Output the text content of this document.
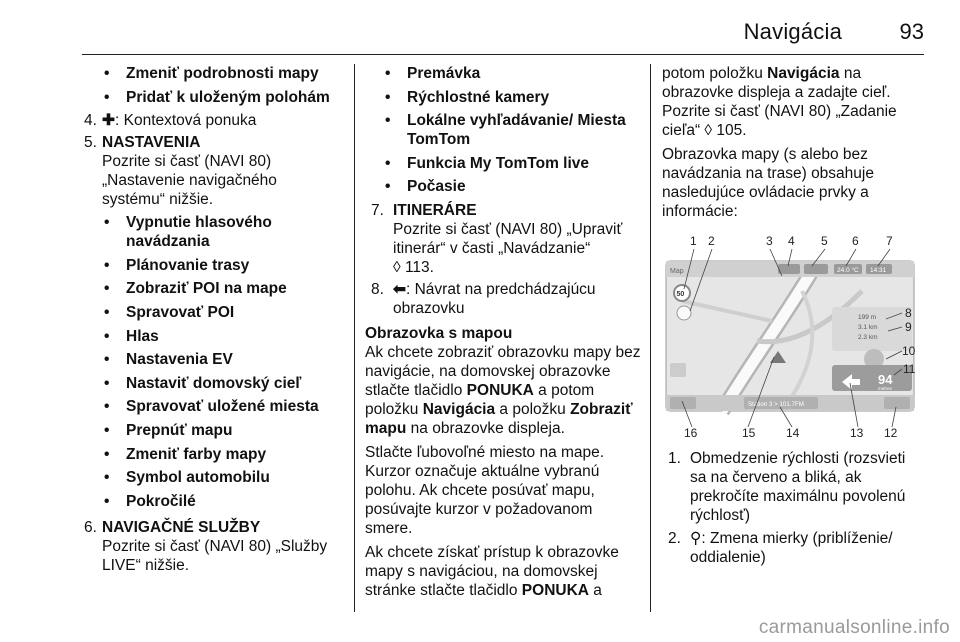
Navigácia	93
•	Zmeniť podrobnosti mapy
•	Pridať k uloženým polohám
4. ✚: Kontextová ponuka
5. NASTAVENIA
Pozrite si časť (NAVI 80) „Nastavenie navigačného systému“ nižšie.
•	Vypnutie hlasového navádzania
•	Plánovanie trasy
•	Zobraziť POI na mape
•	Spravovať POI
•	Hlas
•	Nastavenia EV
•	Nastaviť domovský cieľ
•	Spravovať uložené miesta
•	Prepnúť mapu
•	Zmeniť farby mapy
•	Symbol automobilu
•	Pokročilé
6. NAVIGAČNÉ SLUŽBY
Pozrite si časť (NAVI 80) „Služby LIVE“ nižšie.
•	Premávka
•	Rýchlostné kamery
•	Lokálne vyhľadávanie/ Miesta TomTom
•	Funkcia My TomTom live
•	Počasie
7. ITINERÁRE
Pozrite si časť (NAVI 80) „Upraviť itinerár“ v časti „Navádzanie“
◊ 113.
8. ⬅: Návrat na predchádzajúcu obrazovku
Obrazovka s mapou
Ak chcete zobraziť obrazovku mapy bez navigácie, na domovskej obrazovke stlačte tlačidlo PONUKA a potom položku Navigácia a položku Zobraziť mapu na obrazovke displeja.
Stlačte ľubovoľné miesto na mape. Kurzor označuje aktuálne vybranú polohu. Ak chcete posúvať mapu, posúvajte kurzor v požadovanom smere.
Ak chcete získať prístup k obrazovke mapy s navigáciou, na domovskej stránke stlačte tlačidlo PONUKA a
potom položku Navigácia na obrazovke displeja a zadajte cieľ. Pozrite si časť (NAVI 80) „Zadanie cieľa“ ◊ 105.
Obrazovka mapy (s alebo bez navádzania na trase) obsahuje nasledujúce ovládacie prvky a informácie:
Map	24.0 °C 14:31
50
199 m
3.1 km
2.3 km
94
metres
Station 3 > 101.7FM
1 2	3 4 5 6 7
8
9
10
11
16	15	14	13 12
1. Obmedzenie rýchlosti (rozsvieti sa na červeno a bliká, ak prekročíte maximálnu povolenú rýchlosť)
2. ⚲: Zmena mierky (priblíženie/ oddialenie)
carmanualsonline.info
